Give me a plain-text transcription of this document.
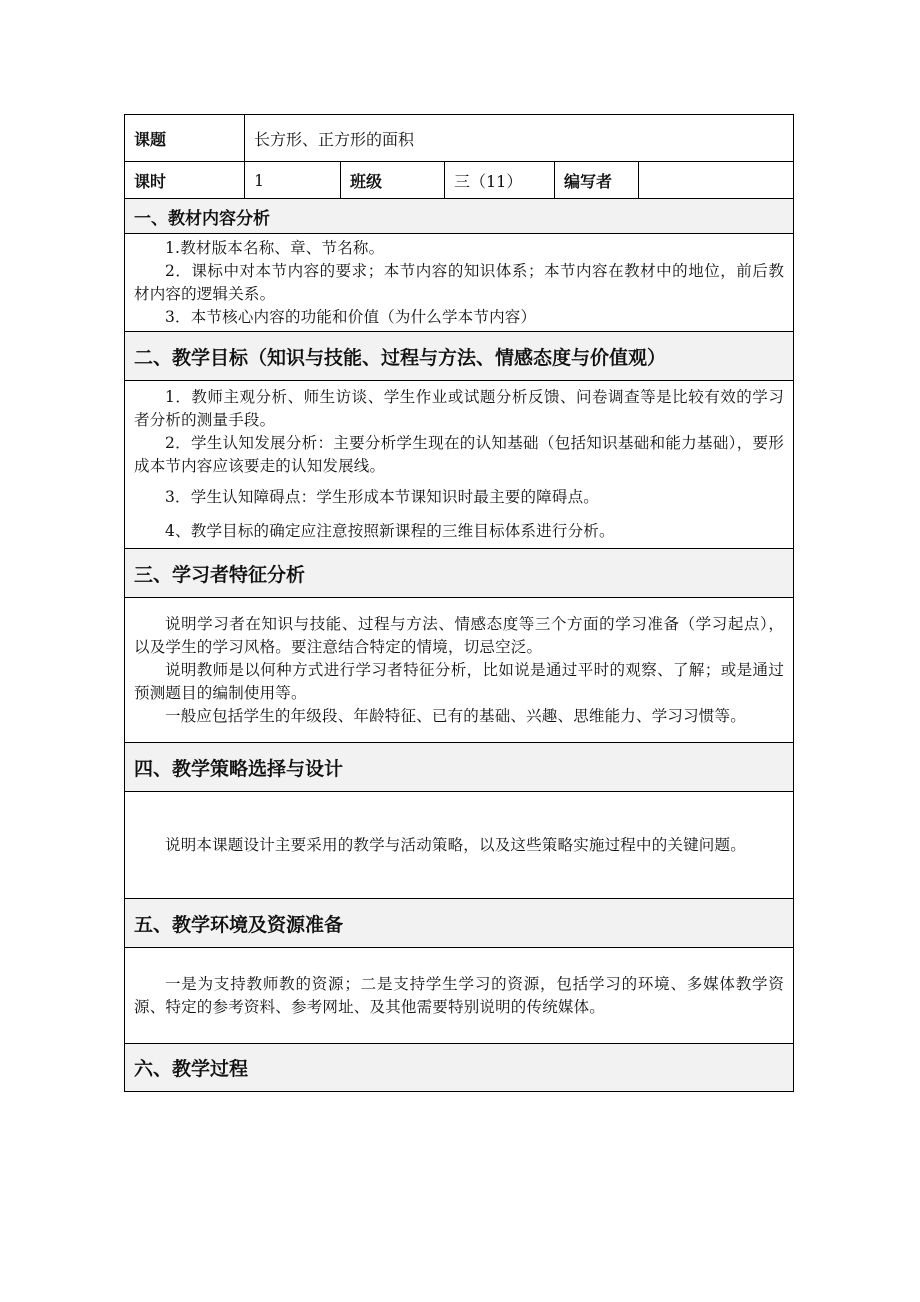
课题	长方形、正方形的面积				
课时	1	班级	三（11）	编写者	
一、教材内容分析					

1.教材版本名称、章、节名称。

2．课标中对本节内容的要求；本节内容的知识体系；本节内容在教材中的地位，前后教材内容的逻辑关系。

3．本节核心内容的功能和价值（为什么学本节内容）					

二、教学目标（知识与技能、过程与方法、情感态度与价值观）					

1．教师主观分析、师生访谈、学生作业或试题分析反馈、问卷调查等是比较有效的学习者分析的测量手段。

2．学生认知发展分析：主要分析学生现在的认知基础（包括知识基础和能力基础），要形成本节内容应该要走的认知发展线。

3．学生认知障碍点：学生形成本节课知识时最主要的障碍点。

4、教学目标的确定应注意按照新课程的三维目标体系进行分析。					

三、学习者特征分析					

说明学习者在知识与技能、过程与方法、情感态度等三个方面的学习准备（学习起点），以及学生的学习风格。要注意结合特定的情境，切忌空泛。

说明教师是以何种方式进行学习者特征分析，比如说是通过平时的观察、了解；或是通过预测题目的编制使用等。

一般应包括学生的年级段、年龄特征、已有的基础、兴趣、思维能力、学习习惯等。					

四、教学策略选择与设计					

说明本课题设计主要采用的教学与活动策略，以及这些策略实施过程中的关键问题。					

五、教学环境及资源准备					

一是为支持教师教的资源；二是支持学生学习的资源，包括学习的环境、多媒体教学资源、特定的参考资料、参考网址、及其他需要特别说明的传统媒体。					

六、教学过程					
